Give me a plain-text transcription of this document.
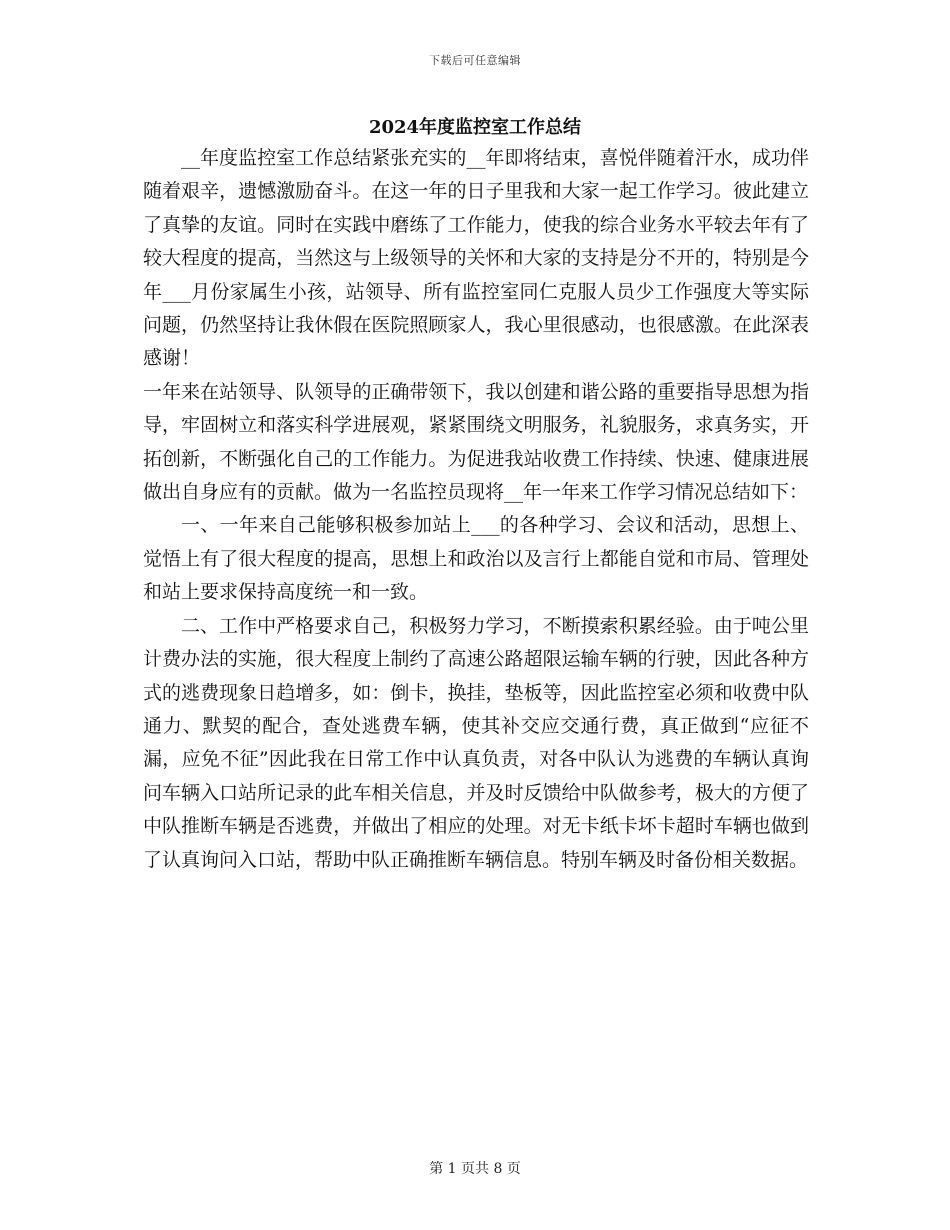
下载后可任意编辑
2024年度监控室工作总结

__年度监控室工作总结紧张充实的__年即将结束，喜悦伴随着汗水，成功伴随着艰辛，遗憾激励奋斗。在这一年的日子里我和大家一起工作学习。彼此建立了真挚的友谊。同时在实践中磨练了工作能力，使我的综合业务水平较去年有了较大程度的提高，当然这与上级领导的关怀和大家的支持是分不开的，特别是今年___月份家属生小孩，站领导、所有监控室同仁克服人员少工作强度大等实际问题，仍然坚持让我休假在医院照顾家人，我心里很感动，也很感激。在此深表感谢！

一年来在站领导、队领导的正确带领下，我以创建和谐公路的重要指导思想为指导，牢固树立和落实科学进展观，紧紧围绕文明服务，礼貌服务，求真务实，开拓创新，不断强化自己的工作能力。为促进我站收费工作持续、快速、健康进展做出自身应有的贡献。做为一名监控员现将__年一年来工作学习情况总结如下：

一、一年来自己能够积极参加站上___的各种学习、会议和活动，思想上、觉悟上有了很大程度的提高，思想上和政治以及言行上都能自觉和市局、管理处和站上要求保持高度统一和一致。

二、工作中严格要求自己，积极努力学习，不断摸索积累经验。由于吨公里计费办法的实施，很大程度上制约了高速公路超限运输车辆的行驶，因此各种方式的逃费现象日趋增多，如：倒卡，换挂，垫板等，因此监控室必须和收费中队通力、默契的配合，查处逃费车辆，使其补交应交通行费，真正做到“应征不漏，应免不征”因此我在日常工作中认真负责，对各中队认为逃费的车辆认真询问车辆入口站所记录的此车相关信息，并及时反馈给中队做参考，极大的方便了中队推断车辆是否逃费，并做出了相应的处理。对无卡纸卡坏卡超时车辆也做到了认真询问入口站，帮助中队正确推断车辆信息。特别车辆及时备份相关数据。

第 1 页共 8 页
